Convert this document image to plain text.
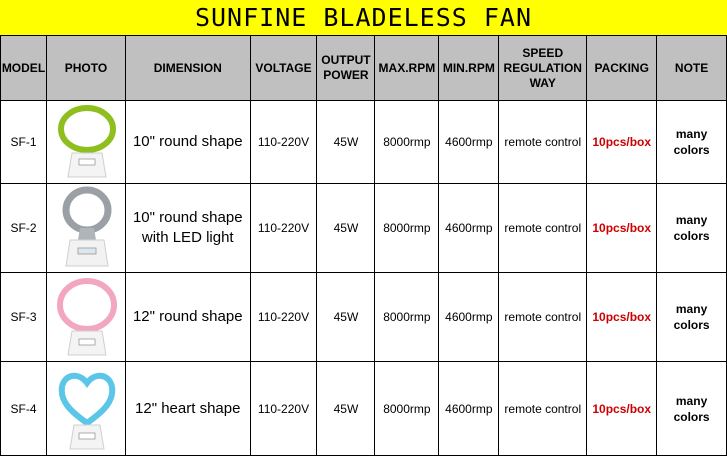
SUNFINE BLADELESS FAN
MODEL	PHOTO	DIMENSION	VOLTAGE	OUTPUT POWER	MAX.RPM	MIN.RPM	SPEED REGULATION WAY	PACKING	NOTE
SF-1		10" round shape	110-220V	45W	8000rmp	4600rmp	remote control	10pcs/box	many colors
SF-2		10" round shape with LED light	110-220V	45W	8000rmp	4600rmp	remote control	10pcs/box	many colors
SF-3		12" round shape	110-220V	45W	8000rmp	4600rmp	remote control	10pcs/box	many colors
SF-4		12" heart shape	110-220V	45W	8000rmp	4600rmp	remote control	10pcs/box	many colors
